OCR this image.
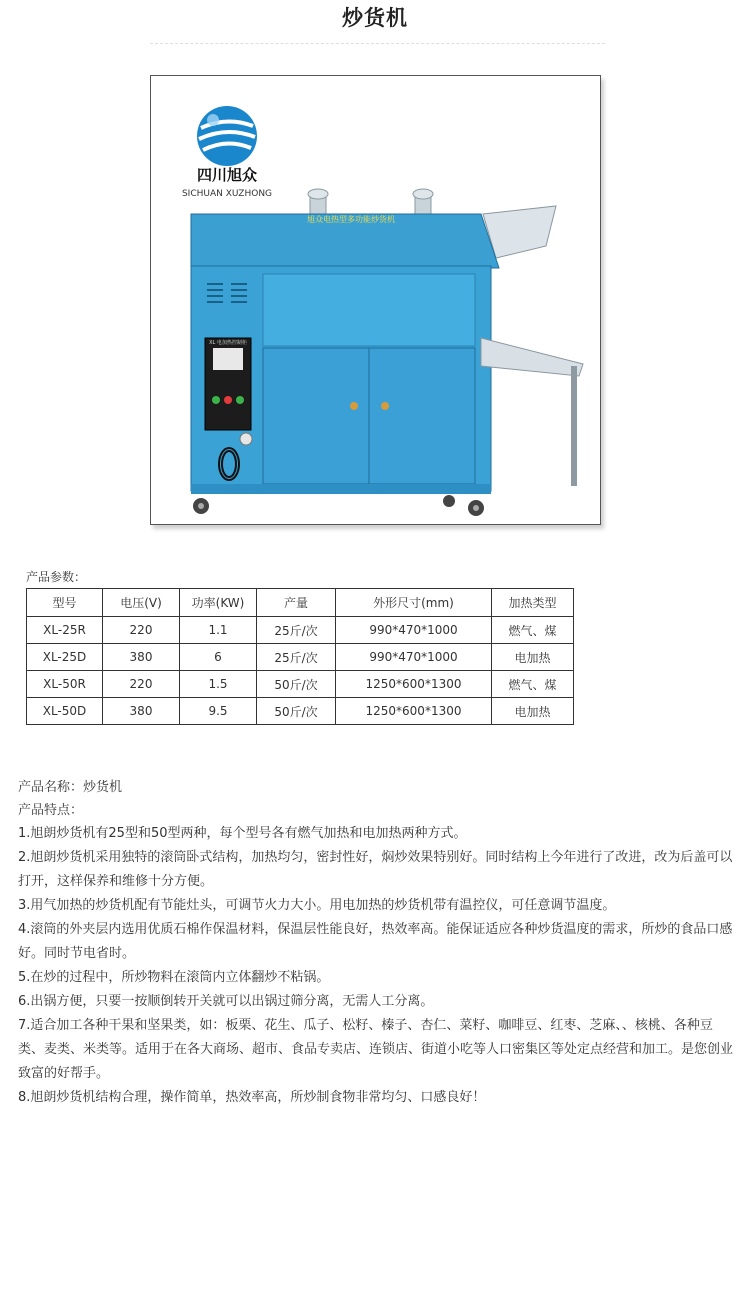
炒货机
四川旭众
SICHUAN XUZHONG
旭众电热型多功能炒货机
XL 电加热控制柜
产品参数：
型号	电压(V)	功率(KW)	产量	外形尺寸(mm)	加热类型
XL-25R	220	1.1	25斤/次	990*470*1000	燃气、煤
XL-25D	380	6	25斤/次	990*470*1000	电加热
XL-50R	220	1.5	50斤/次	1250*600*1300	燃气、煤
XL-50D	380	9.5	50斤/次	1250*600*1300	电加热

产品名称：炒货机

产品特点：

1.旭朗炒货机有25型和50型两种，每个型号各有燃气加热和电加热两种方式。

2.旭朗炒货机采用独特的滚筒卧式结构，加热均匀，密封性好，焖炒效果特别好。同时结构上今年进行了改进，改为后盖可以打开，这样保养和维修十分方便。

3.用气加热的炒货机配有节能灶头，可调节火力大小。用电加热的炒货机带有温控仪，可任意调节温度。

4.滚筒的外夹层内选用优质石棉作保温材料，保温层性能良好，热效率高。能保证适应各种炒货温度的需求，所炒的食品口感好。同时节电省时。

5.在炒的过程中，所炒物料在滚筒内立体翻炒不粘锅。

6.出锅方便，只要一按顺倒转开关就可以出锅过筛分离，无需人工分离。

7.适合加工各种干果和坚果类，如：板栗、花生、瓜子、松籽、榛子、杏仁、菜籽、咖啡豆、红枣、芝麻、、核桃、各种豆类、麦类、米类等。适用于在各大商场、超市、食品专卖店、连锁店、街道小吃等人口密集区等处定点经营和加工。是您创业致富的好帮手。

8.旭朗炒货机结构合理，操作简单，热效率高，所炒制食物非常均匀、口感良好！
